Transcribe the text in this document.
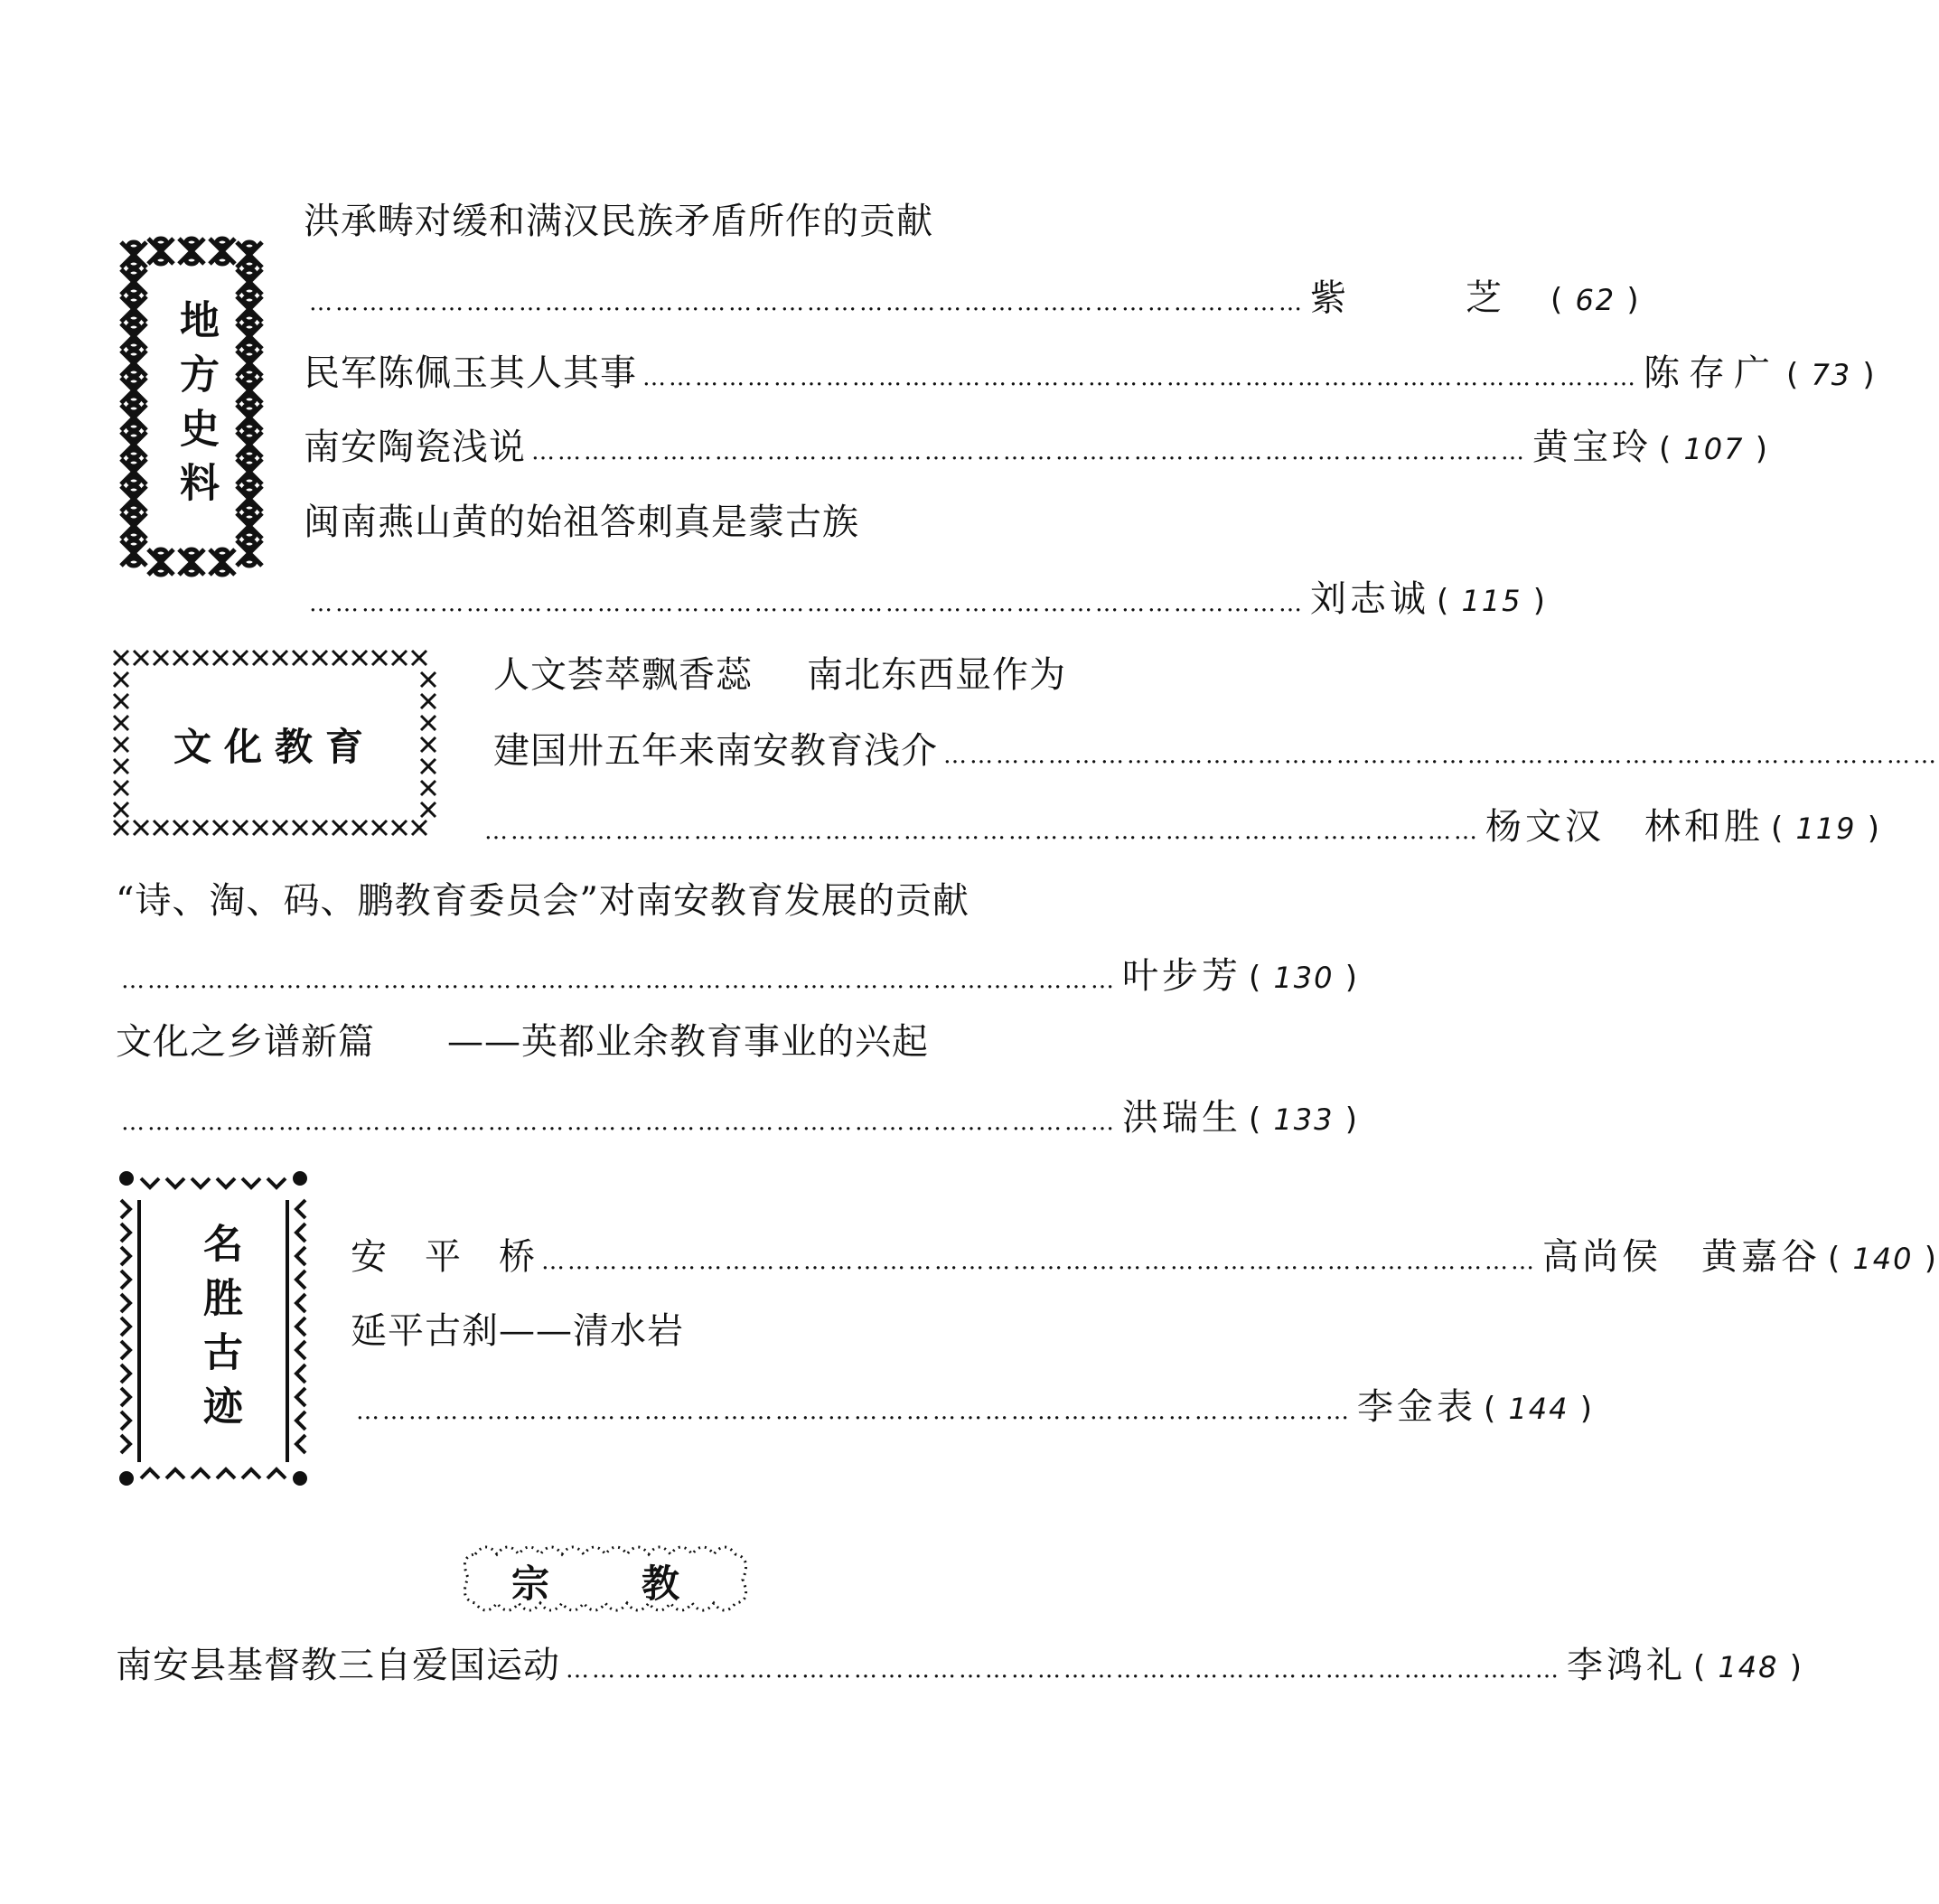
地方史料
洪承畴对缓和满汉民族矛盾所作的贡献
…………………………………………………………………………………………………… 紫　芝 ( 62 )
民军陈佩玉其人其事 …………………………………………………………………………………………………… 陈存广 ( 73 )
南安陶瓷浅说 …………………………………………………………………………………………………… 黄宝玲 ( 107 )
闽南燕山黄的始祖答刺真是蒙古族
…………………………………………………………………………………………………… 刘志诚 ( 115 )
文化教育
人文荟萃飘香蕊 南北东西显作为
建国卅五年来南安教育浅介 ……………………………………………………………………………………………………
…………………………………………………………………………………………………… 杨文汉　林和胜 ( 119 )
“诗、淘、码、鹏教育委员会”对南安教育发展的贡献
…………………………………………………………………………………………………… 叶步芳 ( 130 )
文化之乡谱新篇 ——英都业余教育事业的兴起
…………………………………………………………………………………………………… 洪瑞生 ( 133 )
名胜古迹	安　平　桥 …………………………………………………………………………………………………… 高尚侯　黄嘉谷 ( 140 )
延平古刹——清水岩
…………………………………………………………………………………………………… 李金表 ( 144 )
宗　　教
南安县基督教三自爱国运动 …………………………………………………………………………………………………… 李鸿礼 ( 148 )
